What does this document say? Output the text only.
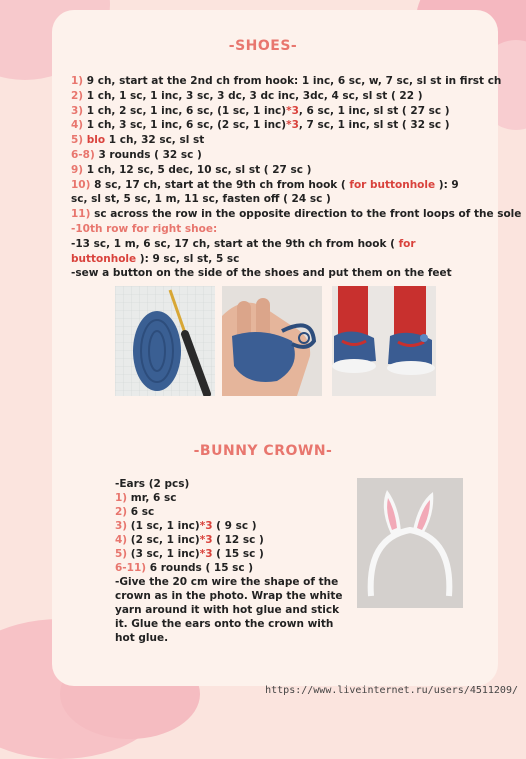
-SHOES-

1) 9 ch, start at the 2nd ch from hook: 1 inc, 6 sc, w, 7 sc, sl st in first ch

2) 1 ch, 1 sc, 1 inc, 3 sc, 3 dc, 3 dc inc, 3dc, 4 sc, sl st ( 22 )

3) 1 ch, 2 sc, 1 inc, 6 sc, (1 sc, 1 inc)*3, 6 sc, 1 inc, sl st ( 27 sc )

4) 1 ch, 3 sc, 1 inc, 6 sc, (2 sc, 1 inc)*3, 7 sc, 1 inc, sl st ( 32 sc )

5) blo 1 ch, 32 sc, sl st

6-8) 3 rounds ( 32 sc )

9) 1 ch, 12 sc, 5 dec, 10 sc, sl st ( 27 sc )

10) 8 sc, 17 ch, start at the 9th ch from hook ( for buttonhole ): 9 sc, sl st, 5 sc, 1 m, 11 sc, fasten off ( 24 sc )

11) sc across the row in the opposite direction to the front loops of the sole

-10th row for right shoe:

-13 sc, 1 m, 6 sc, 17 ch, start at the 9th ch from hook ( for buttonhole ): 9 sc, sl st, 5 sc

-sew a button on the side of the shoes and put them on the feet

-BUNNY CROWN-

-Ears (2 pcs)

1) mr, 6 sc

2) 6 sc

3) (1 sc, 1 inc)*3 ( 9 sc )

4) (2 sc, 1 inc)*3 ( 12 sc )

5) (3 sc, 1 inc)*3 ( 15 sc )

6-11) 6 rounds ( 15 sc )

-Give the 20 cm wire the shape of the crown as in the photo. Wrap the white yarn around it with hot glue and stick it. Glue the ears onto the crown with hot glue.

https://www.liveinternet.ru/users/4511209/
